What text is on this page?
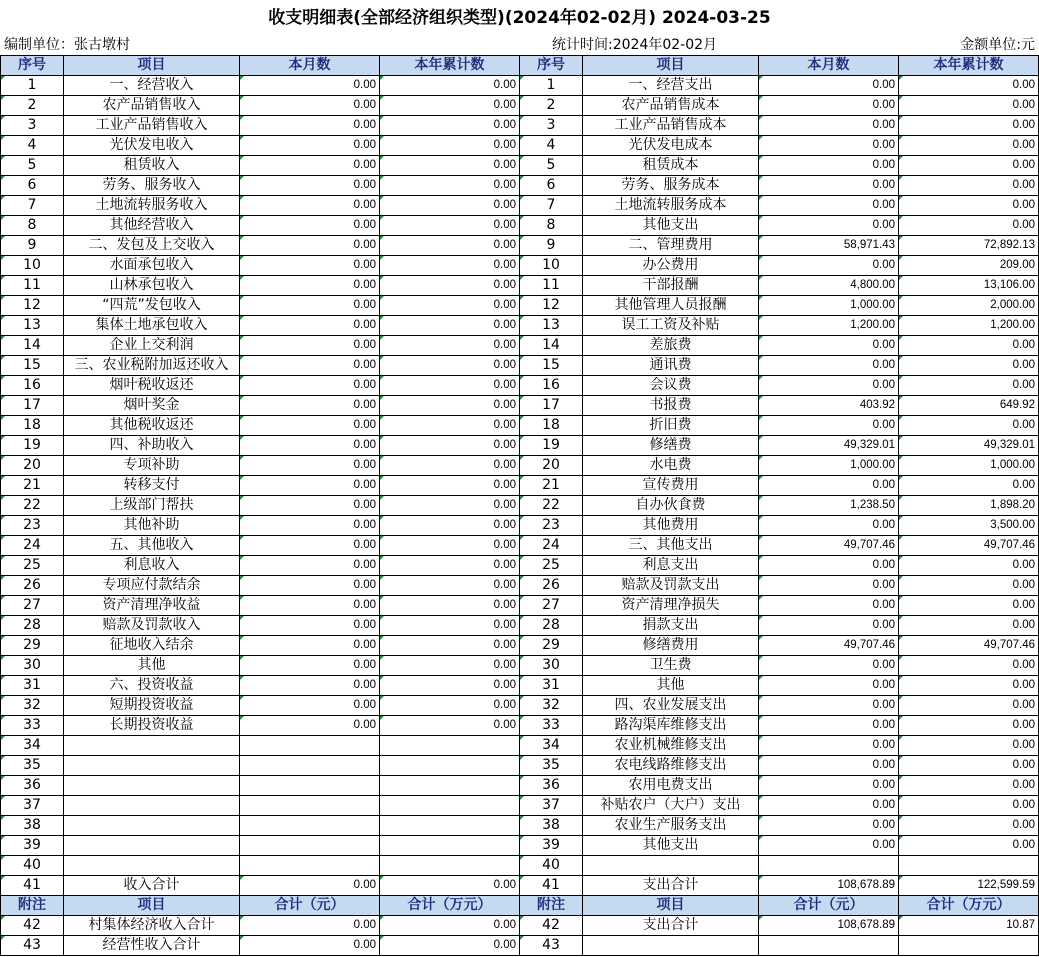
收支明细表(全部经济组织类型)(2024年02-02月) 2024-03-25
编制单位：张古墩村	统计时间:2024年02-02月	金额单位:元
序号	项目	本月数	本年累计数	序号	项目	本月数	本年累计数
1	一、经营收入	0.00	0.00	1	一、经营支出	0.00	0.00
2	农产品销售收入	0.00	0.00	2	农产品销售成本	0.00	0.00
3	工业产品销售收入	0.00	0.00	3	工业产品销售成本	0.00	0.00
4	光伏发电收入	0.00	0.00	4	光伏发电成本	0.00	0.00
5	租赁收入	0.00	0.00	5	租赁成本	0.00	0.00
6	劳务、服务收入	0.00	0.00	6	劳务、服务成本	0.00	0.00
7	土地流转服务收入	0.00	0.00	7	土地流转服务成本	0.00	0.00
8	其他经营收入	0.00	0.00	8	其他支出	0.00	0.00
9	二、发包及上交收入	0.00	0.00	9	二、管理费用	58,971.43	72,892.13
10	水面承包收入	0.00	0.00	10	办公费用	0.00	209.00
11	山林承包收入	0.00	0.00	11	干部报酬	4,800.00	13,106.00
12	“四荒”发包收入	0.00	0.00	12	其他管理人员报酬	1,000.00	2,000.00
13	集体土地承包收入	0.00	0.00	13	误工工资及补贴	1,200.00	1,200.00
14	企业上交利润	0.00	0.00	14	差旅费	0.00	0.00
15	三、农业税附加返还收入	0.00	0.00	15	通讯费	0.00	0.00
16	烟叶税收返还	0.00	0.00	16	会议费	0.00	0.00
17	烟叶奖金	0.00	0.00	17	书报费	403.92	649.92
18	其他税收返还	0.00	0.00	18	折旧费	0.00	0.00
19	四、补助收入	0.00	0.00	19	修缮费	49,329.01	49,329.01
20	专项补助	0.00	0.00	20	水电费	1,000.00	1,000.00
21	转移支付	0.00	0.00	21	宣传费用	0.00	0.00
22	上级部门帮扶	0.00	0.00	22	自办伙食费	1,238.50	1,898.20
23	其他补助	0.00	0.00	23	其他费用	0.00	3,500.00
24	五、其他收入	0.00	0.00	24	三、其他支出	49,707.46	49,707.46
25	利息收入	0.00	0.00	25	利息支出	0.00	0.00
26	专项应付款结余	0.00	0.00	26	赔款及罚款支出	0.00	0.00
27	资产清理净收益	0.00	0.00	27	资产清理净损失	0.00	0.00
28	赔款及罚款收入	0.00	0.00	28	捐款支出	0.00	0.00
29	征地收入结余	0.00	0.00	29	修缮费用	49,707.46	49,707.46
30	其他	0.00	0.00	30	卫生费	0.00	0.00
31	六、投资收益	0.00	0.00	31	其他	0.00	0.00
32	短期投资收益	0.00	0.00	32	四、农业发展支出	0.00	0.00
33	长期投资收益	0.00	0.00	33	路沟渠库维修支出	0.00	0.00
34				34	农业机械维修支出	0.00	0.00
35				35	农电线路维修支出	0.00	0.00
36				36	农用电费支出	0.00	0.00
37				37	补贴农户（大户）支出	0.00	0.00
38				38	农业生产服务支出	0.00	0.00
39				39	其他支出	0.00	0.00
40				40			
41	收入合计	0.00	0.00	41	支出合计	108,678.89	122,599.59
附注	项目	合计（元）	合计（万元）	附注	项目	合计（元）	合计（万元）
42	村集体经济收入合计	0.00	0.00	42	支出合计	108,678.89	10.87
43	经营性收入合计	0.00	0.00	43			
